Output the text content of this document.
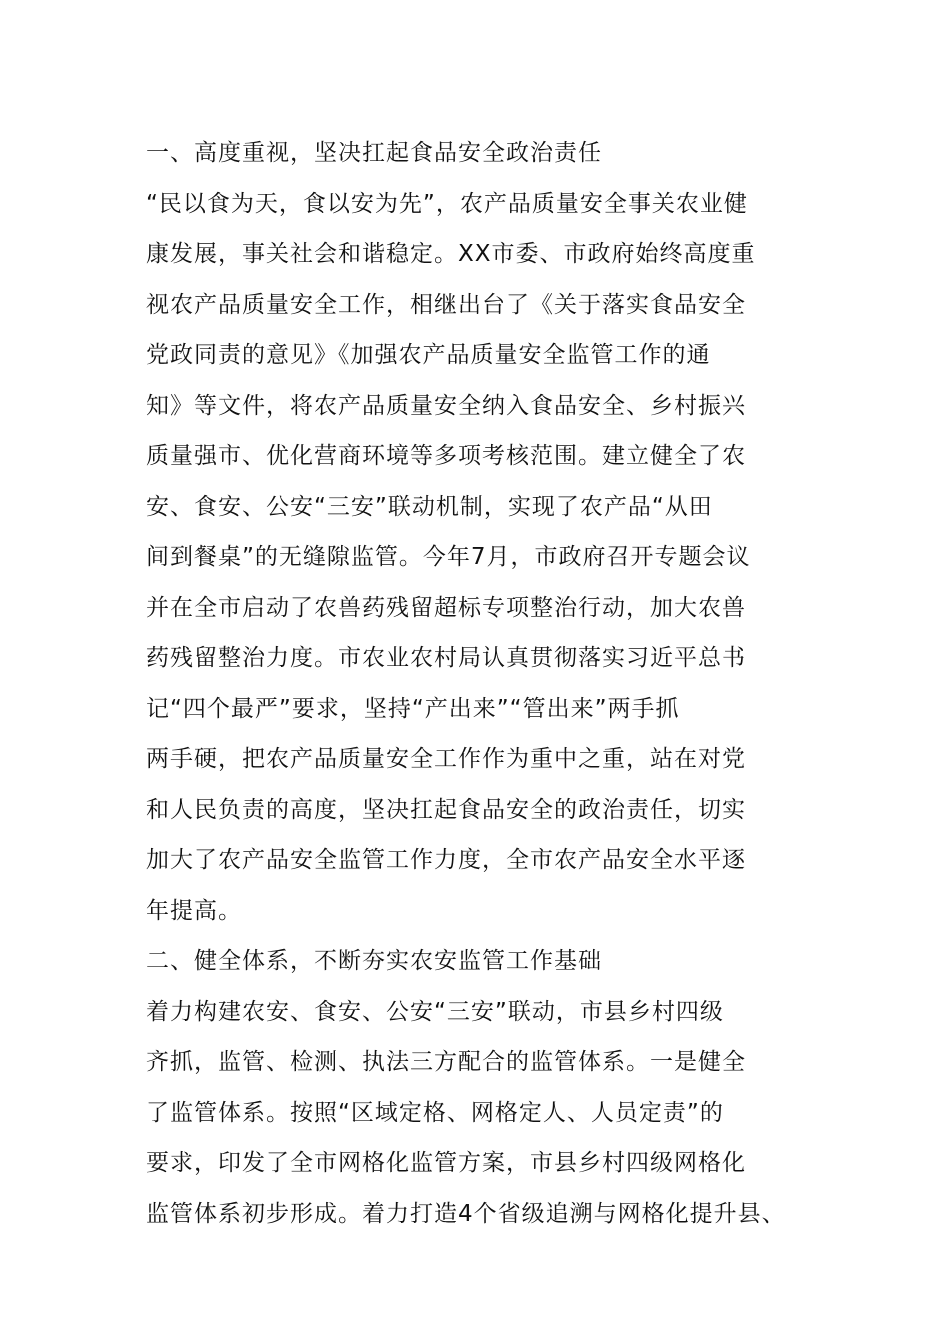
一、高度重视，坚决扛起食品安全政治责任
“民以食为天，食以安为先”，农产品质量安全事关农业健
康发展，事关社会和谐稳定。XX市委、市政府始终高度重
视农产品质量安全工作，相继出台了《关于落实食品安全
党政同责的意见》《加强农产品质量安全监管工作的通
知》等文件，将农产品质量安全纳入食品安全、乡村振兴
质量强市、优化营商环境等多项考核范围。建立健全了农
安、食安、公安“三安”联动机制，实现了农产品“从田
间到餐桌”的无缝隙监管。今年7月，市政府召开专题会议
并在全市启动了农兽药残留超标专项整治行动，加大农兽
药残留整治力度。市农业农村局认真贯彻落实习近平总书
记“四个最严”要求，坚持“产出来”“管出来”两手抓
两手硬，把农产品质量安全工作作为重中之重，站在对党
和人民负责的高度，坚决扛起食品安全的政治责任，切实
加大了农产品安全监管工作力度，全市农产品安全水平逐
年提高。
二、健全体系，不断夯实农安监管工作基础
着力构建农安、食安、公安“三安”联动，市县乡村四级
齐抓，监管、检测、执法三方配合的监管体系。一是健全
了监管体系。按照“区域定格、网格定人、人员定责”的
要求，印发了全市网格化监管方案，市县乡村四级网格化
监管体系初步形成。着力打造4个省级追溯与网格化提升县、
